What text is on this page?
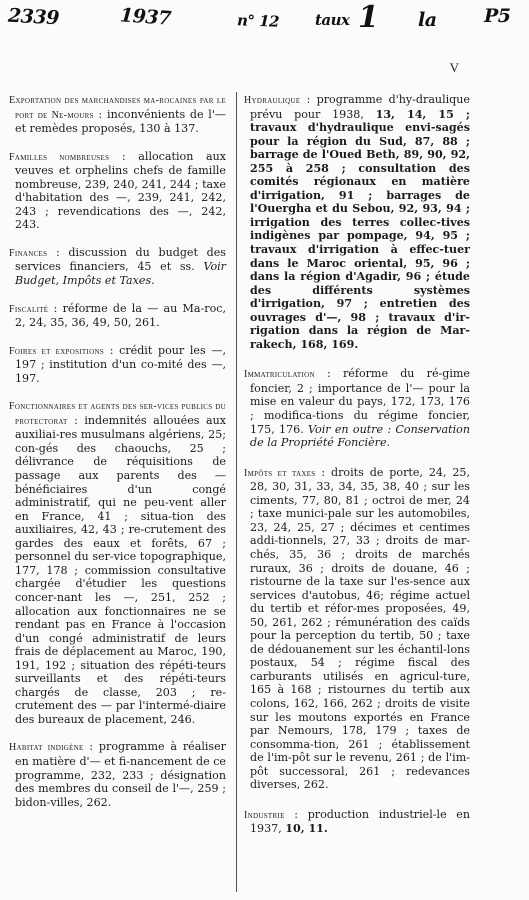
2339	1937	n° 12 taux 1 la P5
V

Exportation des marchandises ma-rocaines par le port de Ne-mours : inconvénients de l'— et remèdes proposés, 130 à 137.

Familles nombreuses : allocation aux veuves et orphelins chefs de famille nombreuse, 239, 240, 241, 244 ; taxe d'habitation des —, 239, 241, 242, 243 ; revendications des —, 242, 243.

Finances : discussion du budget des services financiers, 45 et ss. Voir Budget, Impôts et Taxes.

Fiscalité : réforme de la — au Ma-roc, 2, 24, 35, 36, 49, 50, 261.

Foires et expositions : crédit pour les —, 197 ; institution d'un co-mité des —, 197.

Fonctionnaires et agents des ser-vices publics du protectorat : indemnités allouées aux auxiliai-res musulmans algériens, 25; con-gés des chaouchs, 25 ; délivrance de réquisitions de passage aux parents des — bénéficiaires d'un congé administratif, qui ne peu-vent aller en France, 41 ; situa-tion des auxiliaires, 42, 43 ; re-crutement des gardes des eaux et forêts, 67 ; personnel du ser-vice topographique, 177, 178 ; commission consultative chargée d'étudier les questions concer-nant les —, 251, 252 ; allocation aux fonctionnaires ne se rendant pas en France à l'occasion d'un congé administratif de leurs frais de déplacement au Maroc, 190, 191, 192 ; situation des répéti-teurs surveillants et des répéti-teurs chargés de classe, 203 ; re-crutement des — par l'intermé-diaire des bureaux de placement, 246.

Habitat indigène : programme à réaliser en matière d'— et fi-nancement de ce programme, 232, 233 ; désignation des membres du conseil de l'—, 259 ; bidon-villes, 262.

Hydraulique : programme d'hy-draulique prévu pour 1938, 13, 14, 15 ; travaux d'hydraulique envi-sagés pour la région du Sud, 87, 88 ; barrage de l'Oued Beth, 89, 90, 92, 255 à 258 ; consultation des comités régionaux en matière d'irrigation, 91 ; barrages de l'Ouergha et du Sebou, 92, 93, 94 ; irrigation des terres collec-tives indigènes par pompage, 94, 95 ; travaux d'irrigation à effec-tuer dans le Maroc oriental, 95, 96 ; dans la région d'Agadir, 96 ; étude des différents systèmes d'irrigation, 97 ; entretien des ouvrages d'—, 98 ; travaux d'ir-rigation dans la région de Mar-rakech, 168, 169.

Immatriculation : réforme du ré-gime foncier, 2 ; importance de l'— pour la mise en valeur du pays, 172, 173, 176 ; modifica-tions du régime foncier, 175, 176. Voir en outre : Conservation de la Propriété Foncière.

Impôts et taxes : droits de porte, 24, 25, 28, 30, 31, 33, 34, 35, 38, 40 ; sur les ciments, 77, 80, 81 ; octroi de mer, 24 ; taxe munici-pale sur les automobiles, 23, 24, 25, 27 ; décimes et centimes addi-tionnels, 27, 33 ; droits de mar-chés, 35, 36 ; droits de marchés ruraux, 36 ; droits de douane, 46 ; ristourne de la taxe sur l'es-sence aux services d'autobus, 46; régime actuel du tertib et réfor-mes proposées, 49, 50, 261, 262 ; rémunération des caïds pour la perception du tertib, 50 ; taxe de dédouanement sur les échantil-lons postaux, 54 ; régime fiscal des carburants utilisés en agricul-ture, 165 à 168 ; ristournes du tertib aux colons, 162, 166, 262 ; droits de visite sur les moutons exportés en France par Nemours, 178, 179 ; taxes de consomma-tion, 261 ; établissement de l'im-pôt sur le revenu, 261 ; de l'im-pôt successoral, 261 ; redevances diverses, 262.

Industrie : production industriel-le en 1937, 10, 11.
